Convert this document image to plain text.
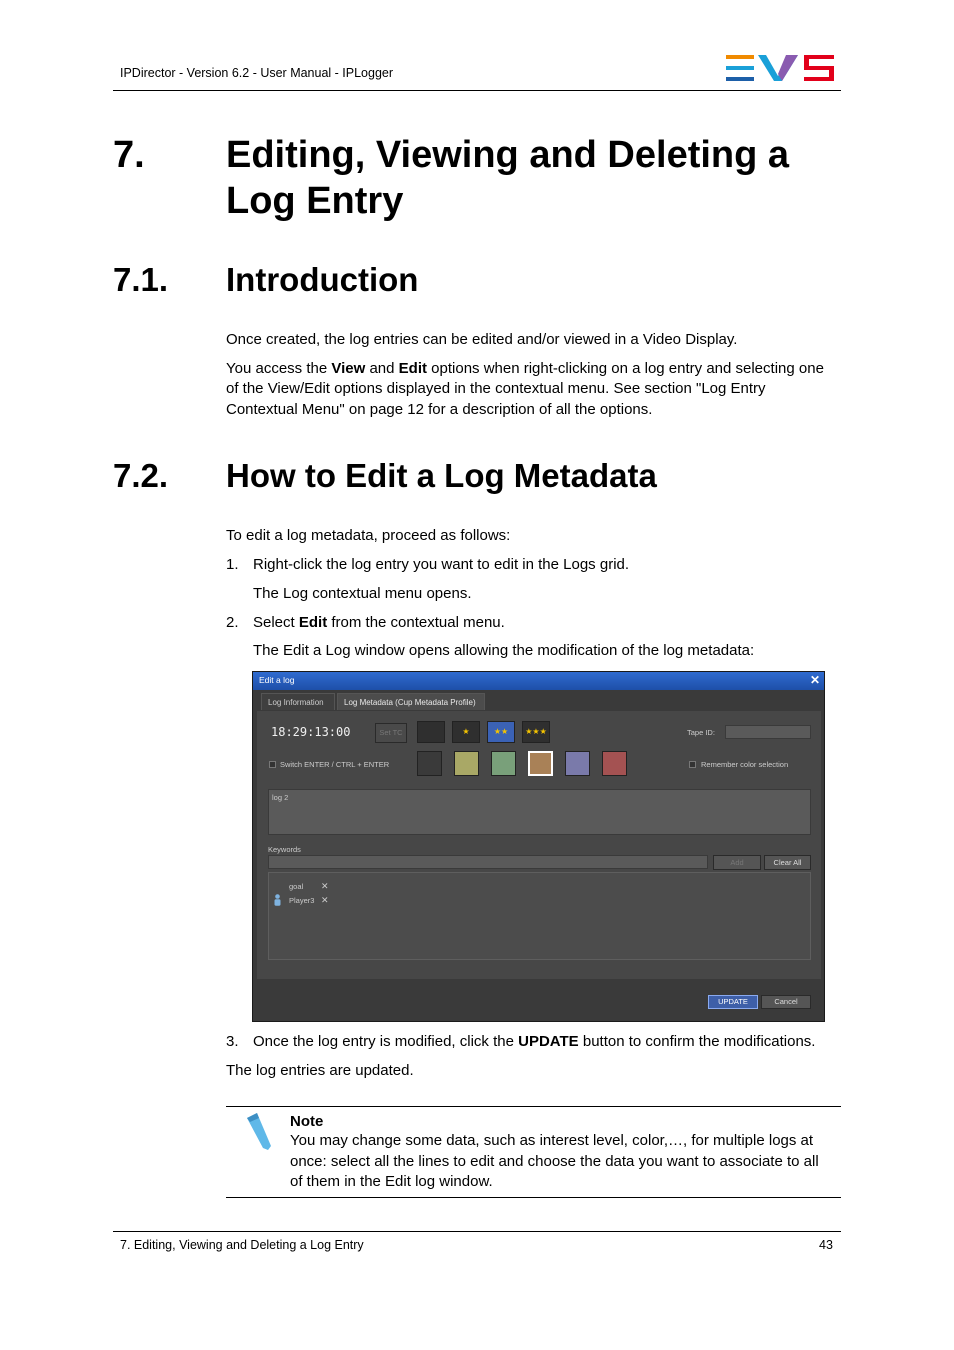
IPDirector - Version 6.2 - User Manual - IPLogger
7. Editing, Viewing and Deleting a
Log Entry
7.1. Introduction
Once created, the log entries can be edited and/or viewed in a Video Display.
You access the View and Edit options when right-clicking on a log entry and selecting one
of the View/Edit options displayed in the contextual menu. See section "Log Entry
Contextual Menu" on page 12 for a description of all the options.
7.2. How to Edit a Log Metadata
To edit a log metadata, proceed as follows:
1. Right-click the log entry you want to edit in the Logs grid.
The Log contextual menu opens.
2. Select Edit from the contextual menu.
The Edit a Log window opens allowing the modification of the log metadata:
Edit a log	✕
Log Information	Log Metadata (Cup Metadata Profile)
18:29:13:00	Set TC	★	★★	★★★	Tape ID:
Switch ENTER / CTRL + ENTER	Remember color selection
log 2
Keywords
Add	Clear All
goal ✕
Player3 ✕
UPDATE	Cancel
3. Once the log entry is modified, click the UPDATE button to confirm the modifications.
The log entries are updated.
Note
You may change some data, such as interest level, color,…, for multiple logs at
once: select all the lines to edit and choose the data you want to associate to all
of them in the Edit log window.
7. Editing, Viewing and Deleting a Log Entry	43
